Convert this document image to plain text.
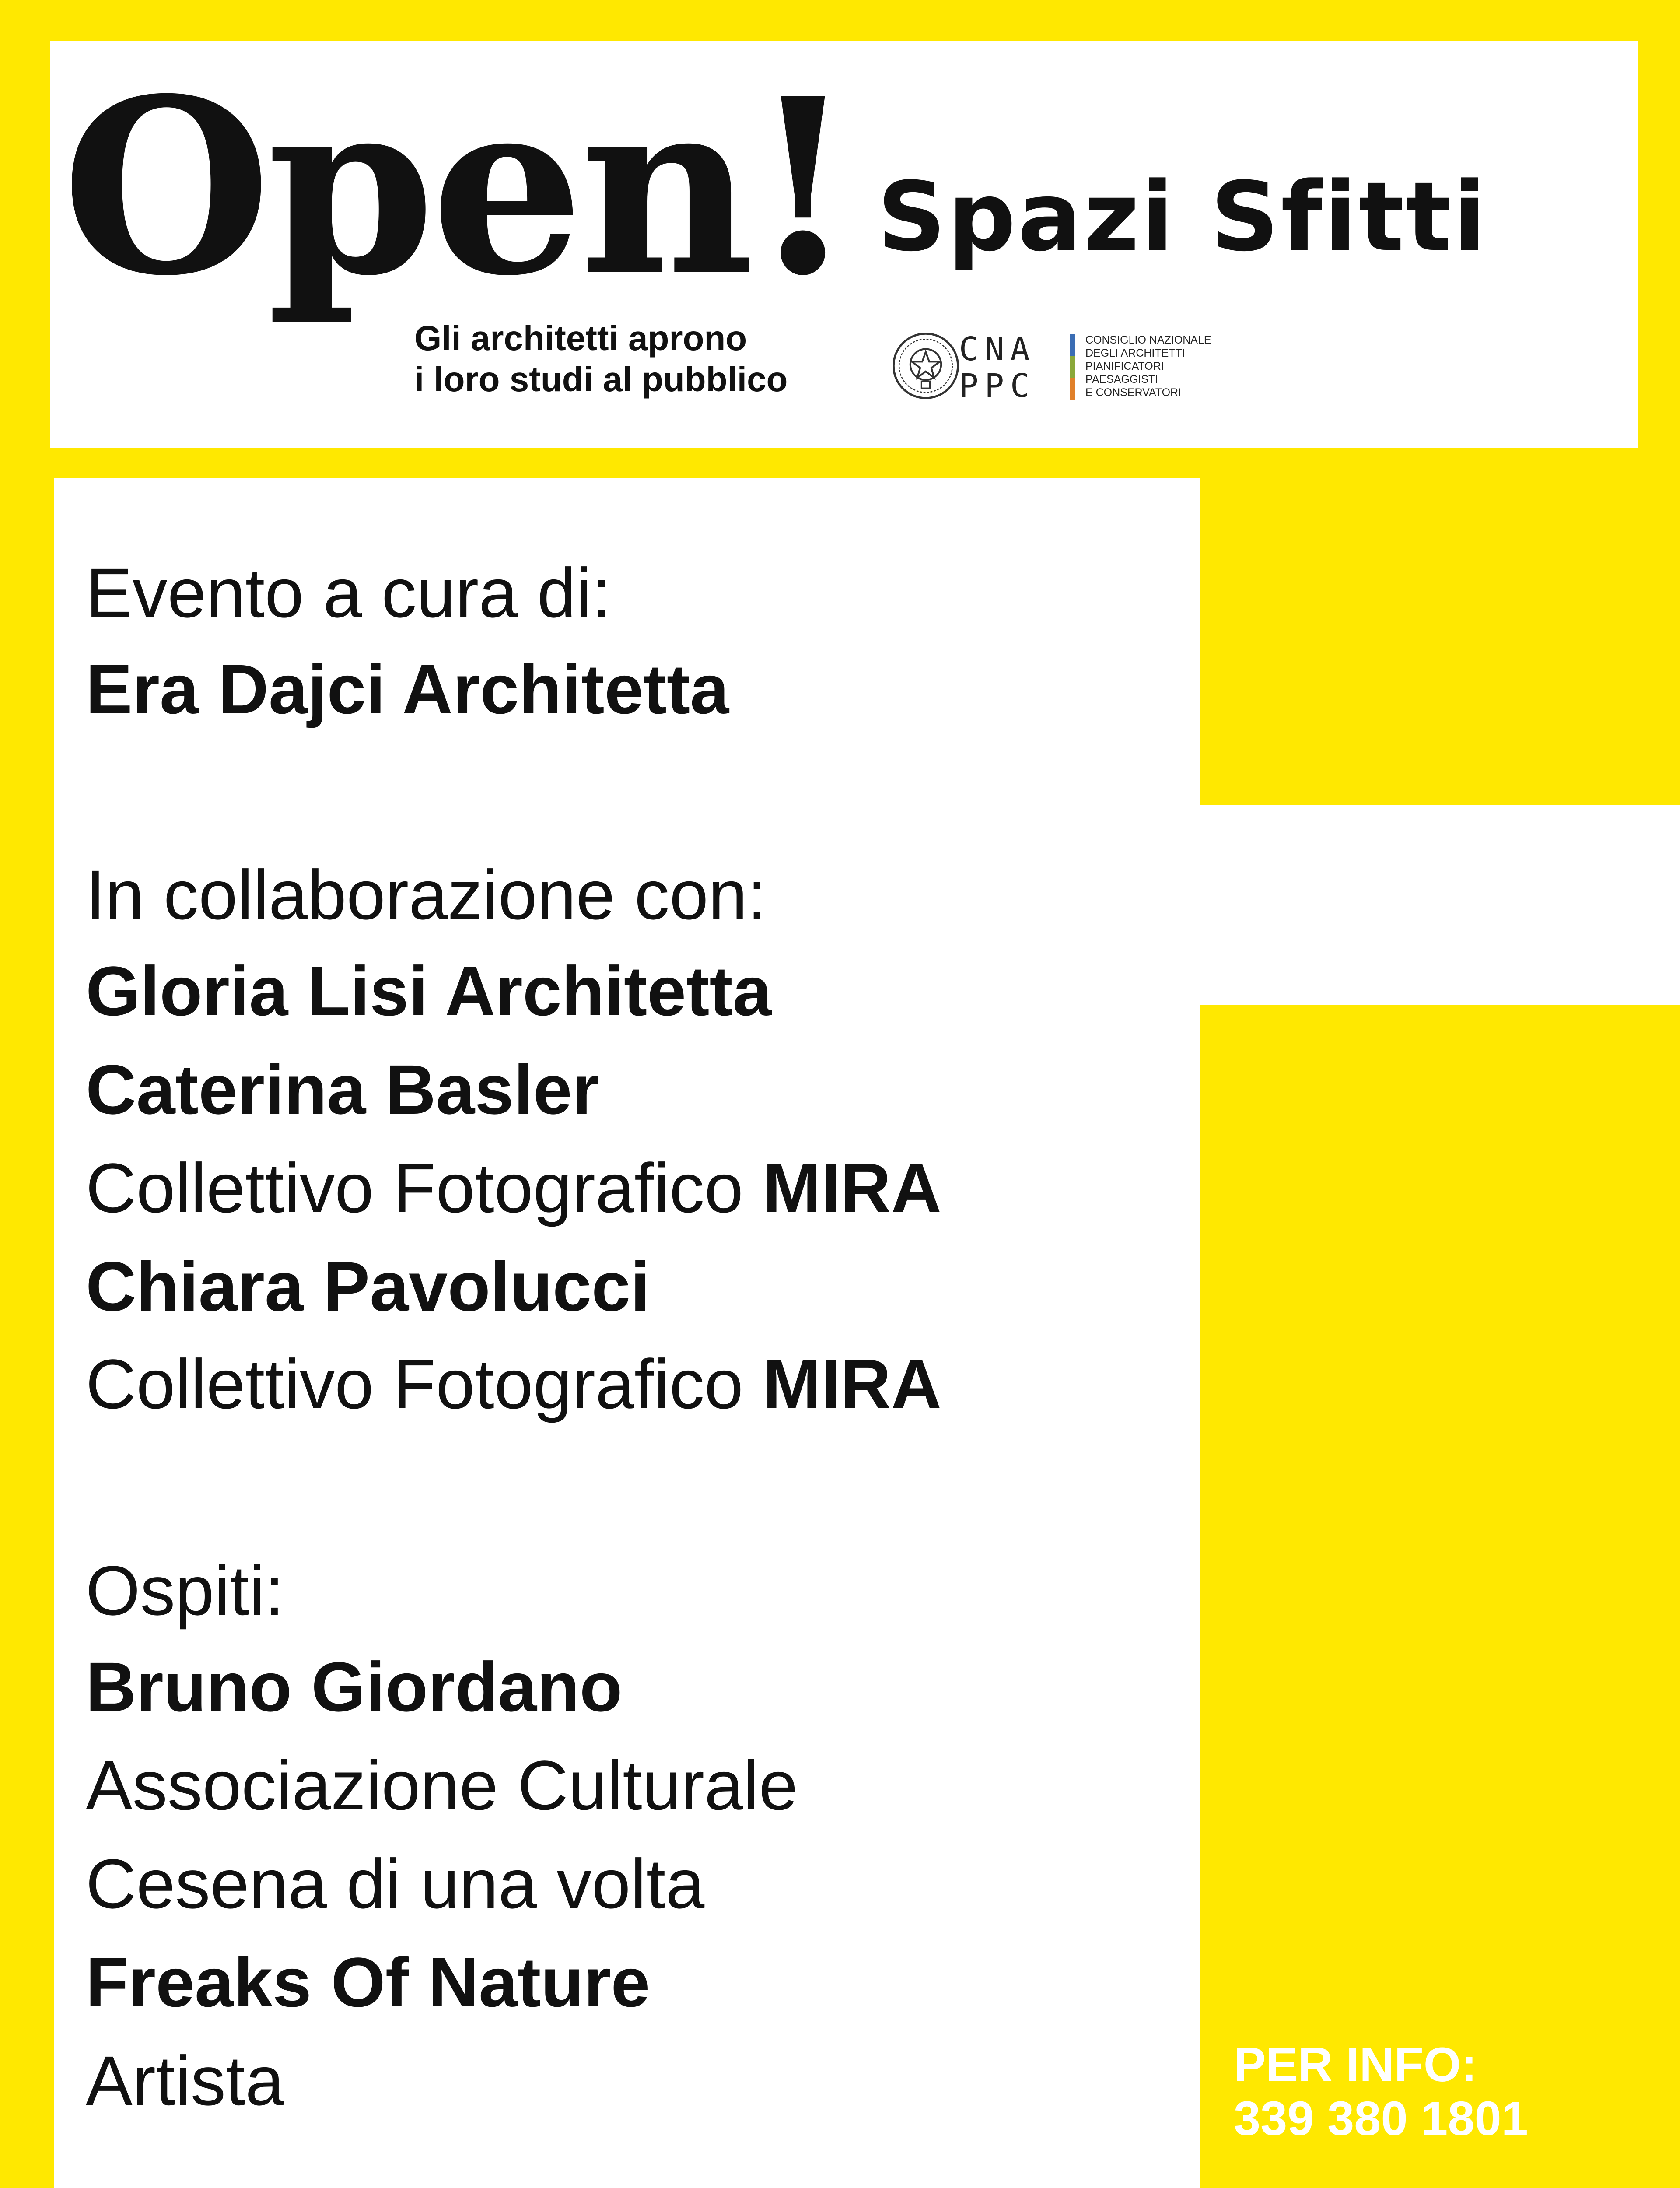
Open! Spazi Sfitti
Gli architetti aprono
i loro studi al pubblico
CNA
PPC
CONSIGLIO NAZIONALE
DEGLI ARCHITETTI
PIANIFICATORI
PAESAGGISTI
E CONSERVATORI
Evento a cura di:
Era Dajci Architetta
In collaborazione con:
Gloria Lisi Architetta
Caterina Basler
Collettivo Fotografico MIRA
Chiara Pavolucci
Collettivo Fotografico MIRA
Ospiti:
Bruno Giordano
Associazione Culturale
Cesena di una volta
Freaks Of Nature
Artista	PER INFO:
339 380 1801
